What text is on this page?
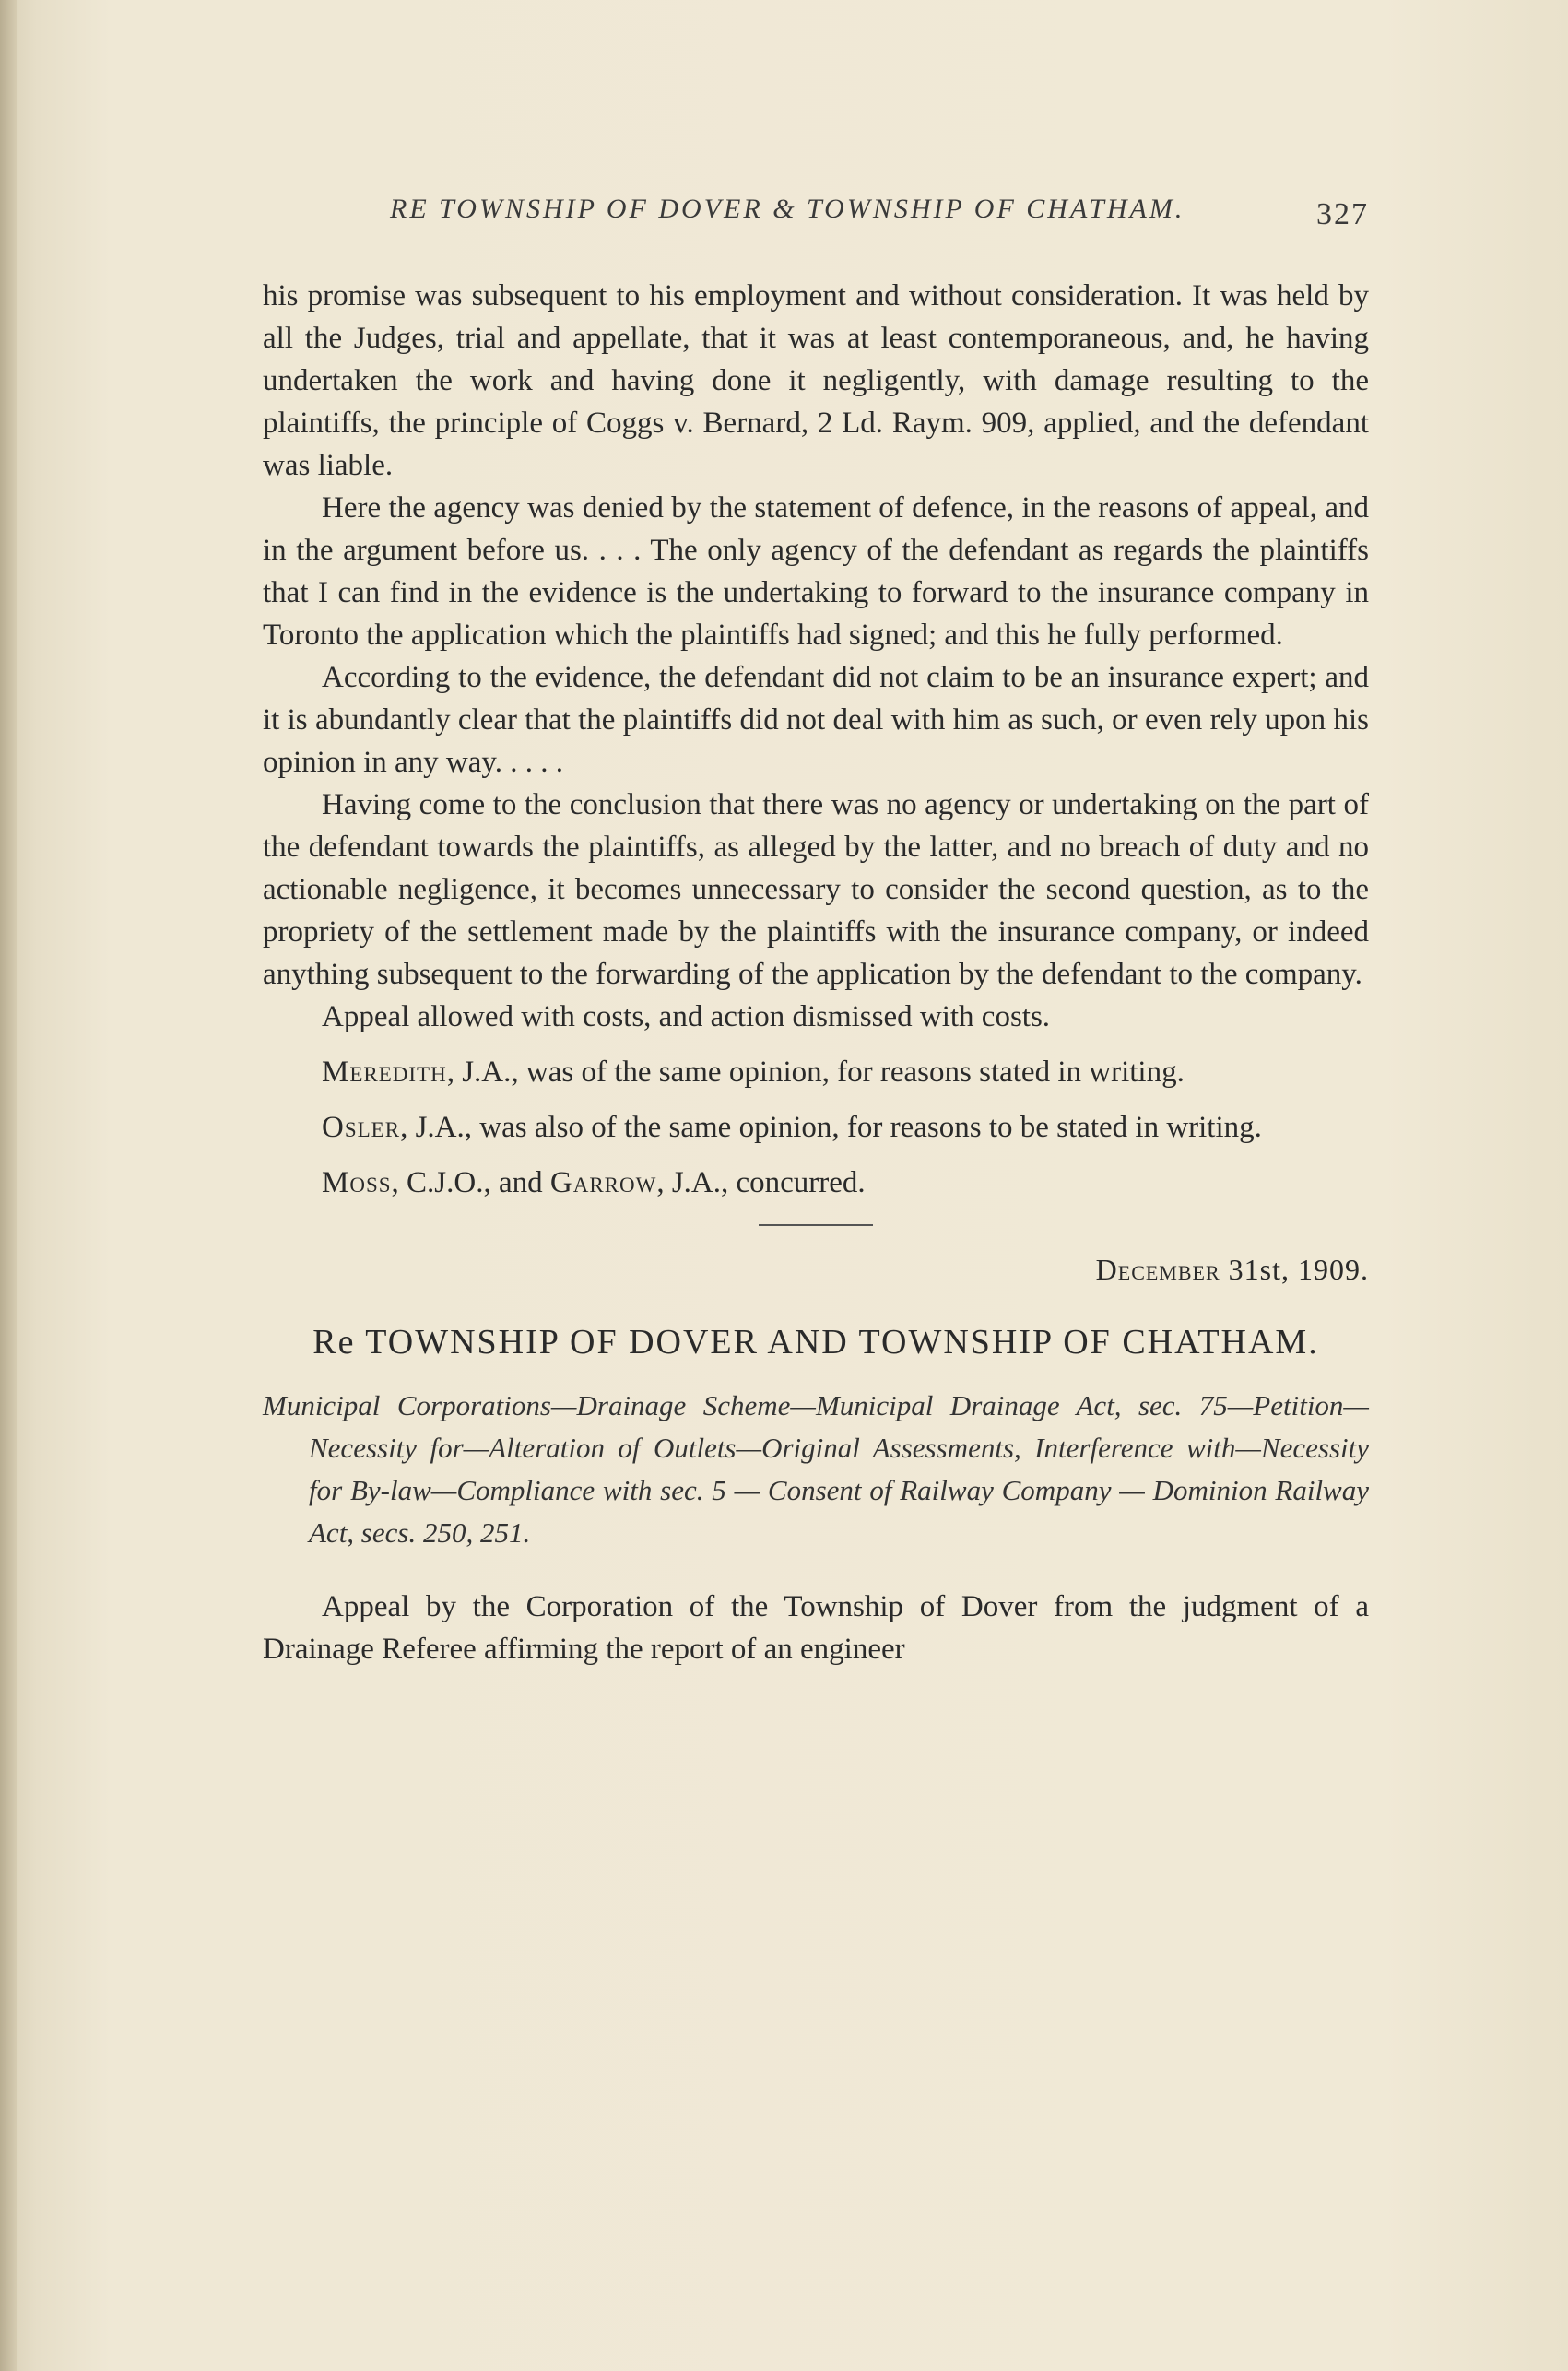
RE TOWNSHIP OF DOVER & TOWNSHIP OF CHATHAM.	327

his promise was subsequent to his employment and without consideration. It was held by all the Judges, trial and appellate, that it was at least contemporaneous, and, he having undertaken the work and having done it negligently, with damage resulting to the plaintiffs, the principle of Coggs v. Bernard, 2 Ld. Raym. 909, applied, and the defendant was liable.

Here the agency was denied by the statement of defence, in the reasons of appeal, and in the argument before us. . . . The only agency of the defendant as regards the plaintiffs that I can find in the evidence is the undertaking to forward to the insurance company in Toronto the application which the plaintiffs had signed; and this he fully performed.

According to the evidence, the defendant did not claim to be an insurance expert; and it is abundantly clear that the plaintiffs did not deal with him as such, or even rely upon his opinion in any way. . . . .

Having come to the conclusion that there was no agency or undertaking on the part of the defendant towards the plaintiffs, as alleged by the latter, and no breach of duty and no actionable negligence, it becomes unnecessary to consider the second question, as to the propriety of the settlement made by the plaintiffs with the insurance company, or indeed anything subsequent to the forwarding of the application by the defendant to the company.

Appeal allowed with costs, and action dismissed with costs.

Meredith, J.A., was of the same opinion, for reasons stated in writing.

Osler, J.A., was also of the same opinion, for reasons to be stated in writing.

Moss, C.J.O., and Garrow, J.A., concurred.

December 31st, 1909.
Re TOWNSHIP OF DOVER AND TOWNSHIP OF CHATHAM.
Municipal Corporations—Drainage Scheme—Municipal Drainage Act, sec. 75—Petition—Necessity for—Alteration of Outlets—Original Assessments, Interference with—Necessity for By-law—Compliance with sec. 5 — Consent of Railway Company — Dominion Railway Act, secs. 250, 251.

Appeal by the Corporation of the Township of Dover from the judgment of a Drainage Referee affirming the report of an engineer
